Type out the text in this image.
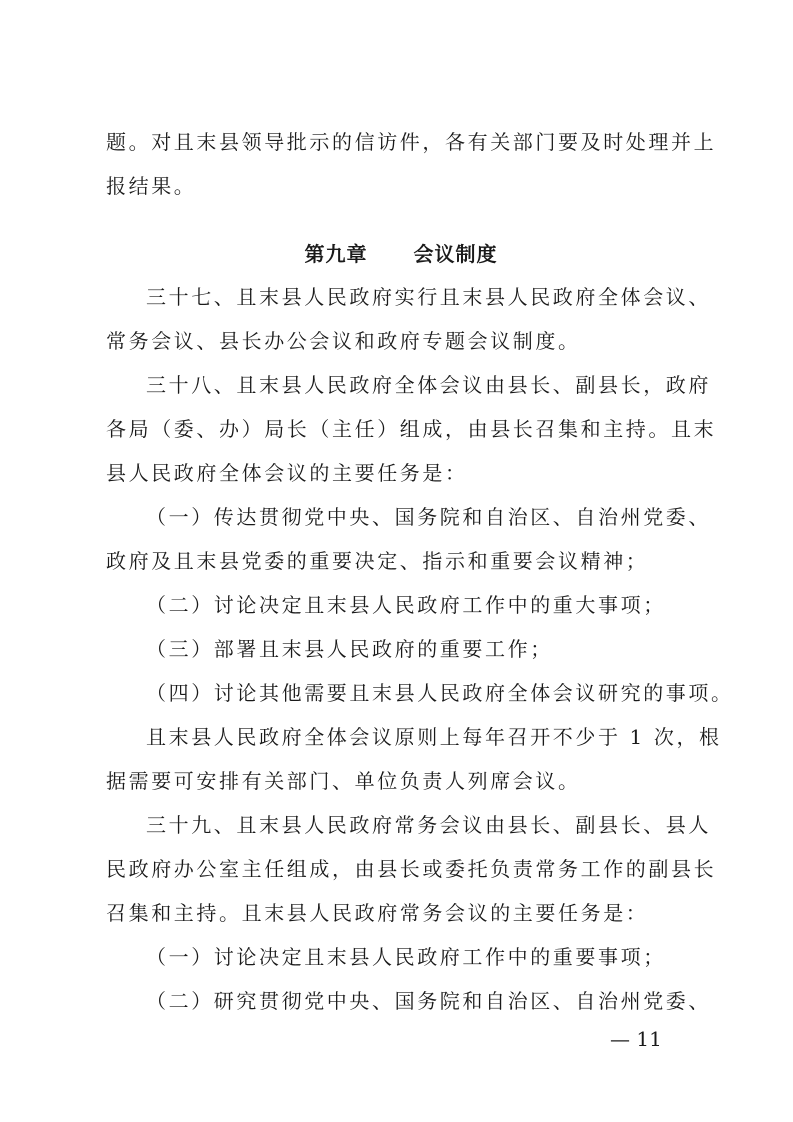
题。对且末县领导批示的信访件，各有关部门要及时处理并上
报结果。
第九章 会议制度
三十七、且末县人民政府实行且末县人民政府全体会议、
常务会议、县长办公会议和政府专题会议制度。
三十八、且末县人民政府全体会议由县长、副县长，政府
各局（委、办）局长（主任）组成，由县长召集和主持。且末
县人民政府全体会议的主要任务是：
（一）传达贯彻党中央、国务院和自治区、自治州党委、
政府及且末县党委的重要决定、指示和重要会议精神；
（二）讨论决定且末县人民政府工作中的重大事项；
（三）部署且末县人民政府的重要工作；
（四）讨论其他需要且末县人民政府全体会议研究的事项。
且末县人民政府全体会议原则上每年召开不少于 1 次，根
据需要可安排有关部门、单位负责人列席会议。
三十九、且末县人民政府常务会议由县长、副县长、县人
民政府办公室主任组成，由县长或委托负责常务工作的副县长
召集和主持。且末县人民政府常务会议的主要任务是：
（一）讨论决定且末县人民政府工作中的重要事项；
（二）研究贯彻党中央、国务院和自治区、自治州党委、
— 11
